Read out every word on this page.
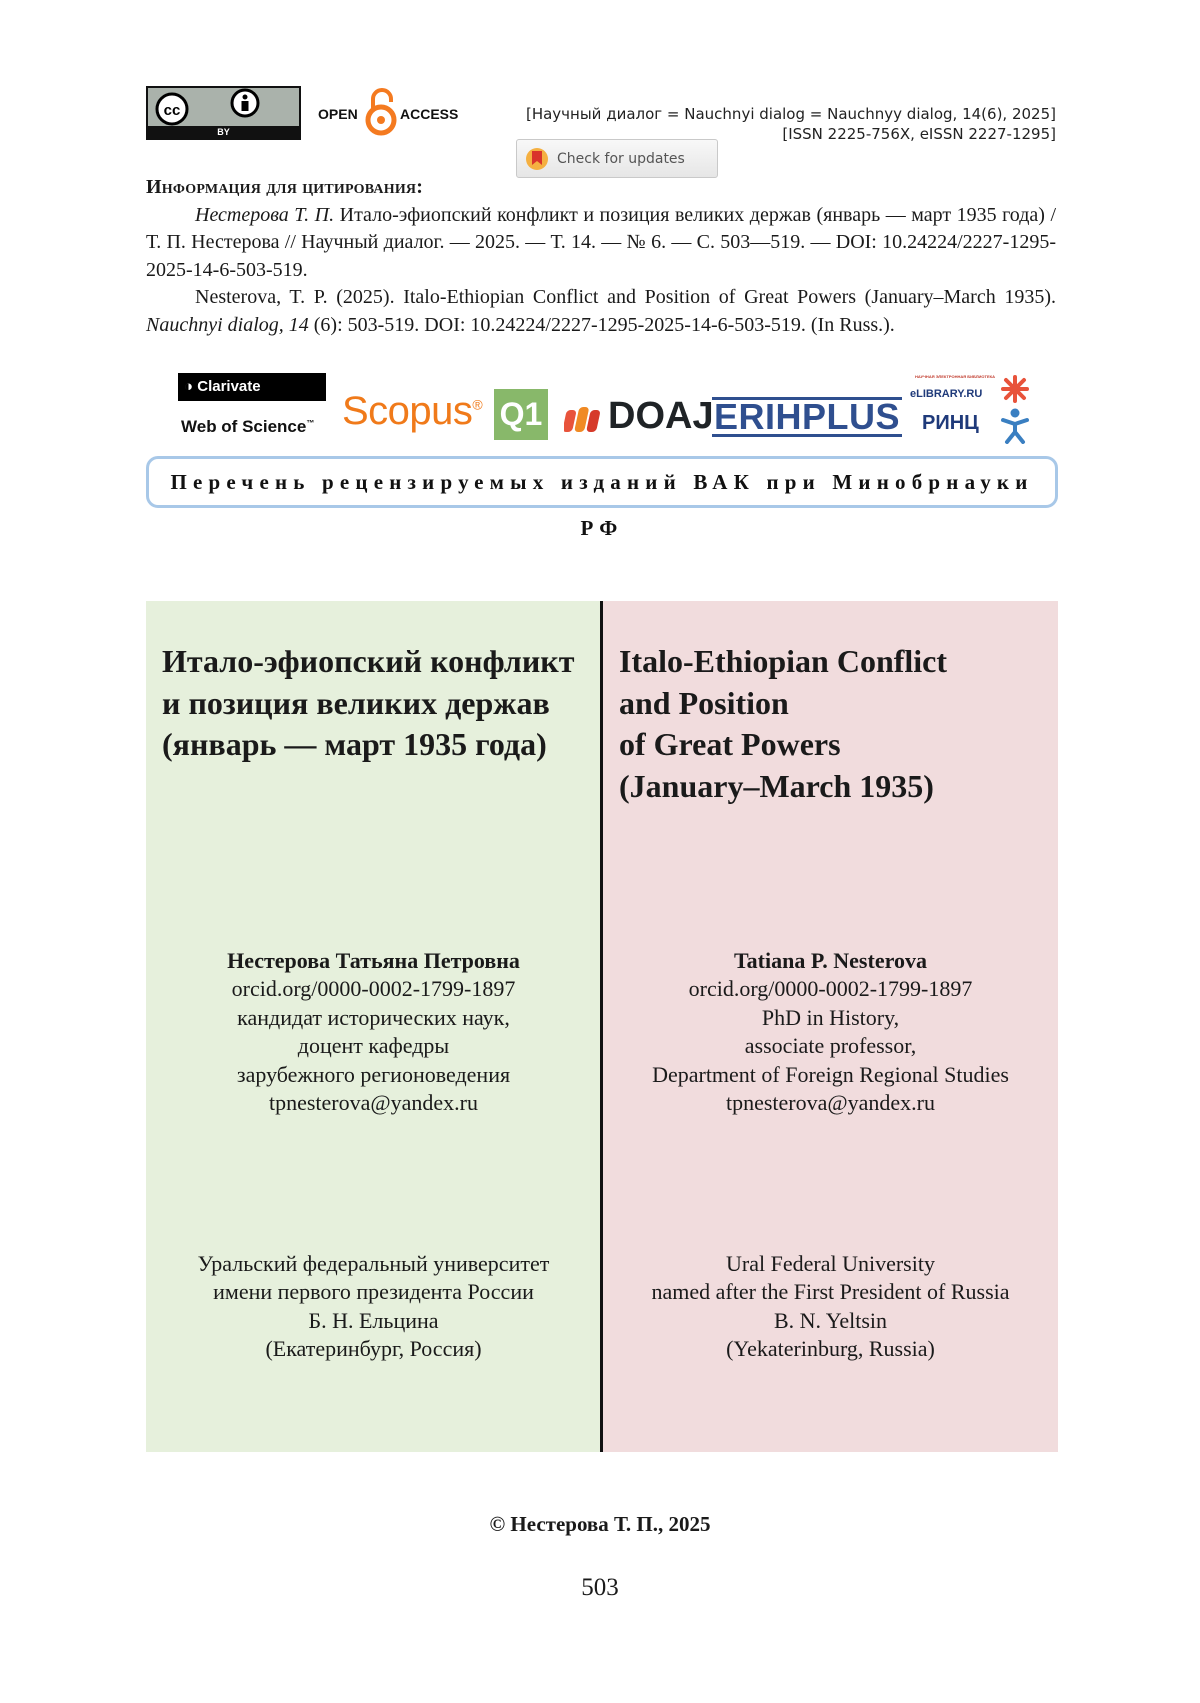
cc
BY
OPEN	ACCESS	[Научный диалог = Nauchnyi dialog = Nauchnyy dialog, 14(6), 2025]
[ISSN 2225-756X, eISSN 2227-1295]
Check for updates
Информация для цитирования:

Нестерова Т. П. Итало-эфиопский конфликт и позиция великих держав (январь — март 1935 года) / Т. П. Нестерова // Научный диалог. — 2025. — Т. 14. — № 6. — С. 503—519. — DOI: 10.24224/2227-1295-2025-14-6-503-519.

Nesterova, T. P. (2025). Italo-Ethiopian Conflict and Position of Great Powers (January–March 1935). Nauchnyi dialog, 14 (6): 503-519. DOI: 10.24224/2227-1295-2025-14-6-503-519. (In Russ.).

◑ Clarivate
Web of Science™ Scopus® Q1 DOAJ ERIHPLUS
НАУЧНАЯ ЭЛЕКТРОННАЯ БИБЛИОТЕКА
eLIBRARY.RU
РИНЦ
Перечень рецензируемых изданий ВАК при Минобрнауки РФ
Итало-эфиопский конфликт
и позиция великих держав
(январь — март 1935 года)
Нестерова Татьяна Петровна
orcid.org/0000-0002-1799-1897
кандидат исторических наук,
доцент кафедры
зарубежного регионоведения
tpnesterova@yandex.ru
Уральский федеральный университет
имени первого президента России
Б. Н. Ельцина
(Екатеринбург, Россия)
Italo-Ethiopian Conflict
and Position
of Great Powers
(January–March 1935)
Tatiana P. Nesterova
orcid.org/0000-0002-1799-1897
PhD in History,
associate professor,
Department of Foreign Regional Studies
tpnesterova@yandex.ru
Ural Federal University
named after the First President of Russia
B. N. Yeltsin
(Yekaterinburg, Russia)
© Нестерова Т. П., 2025
503
